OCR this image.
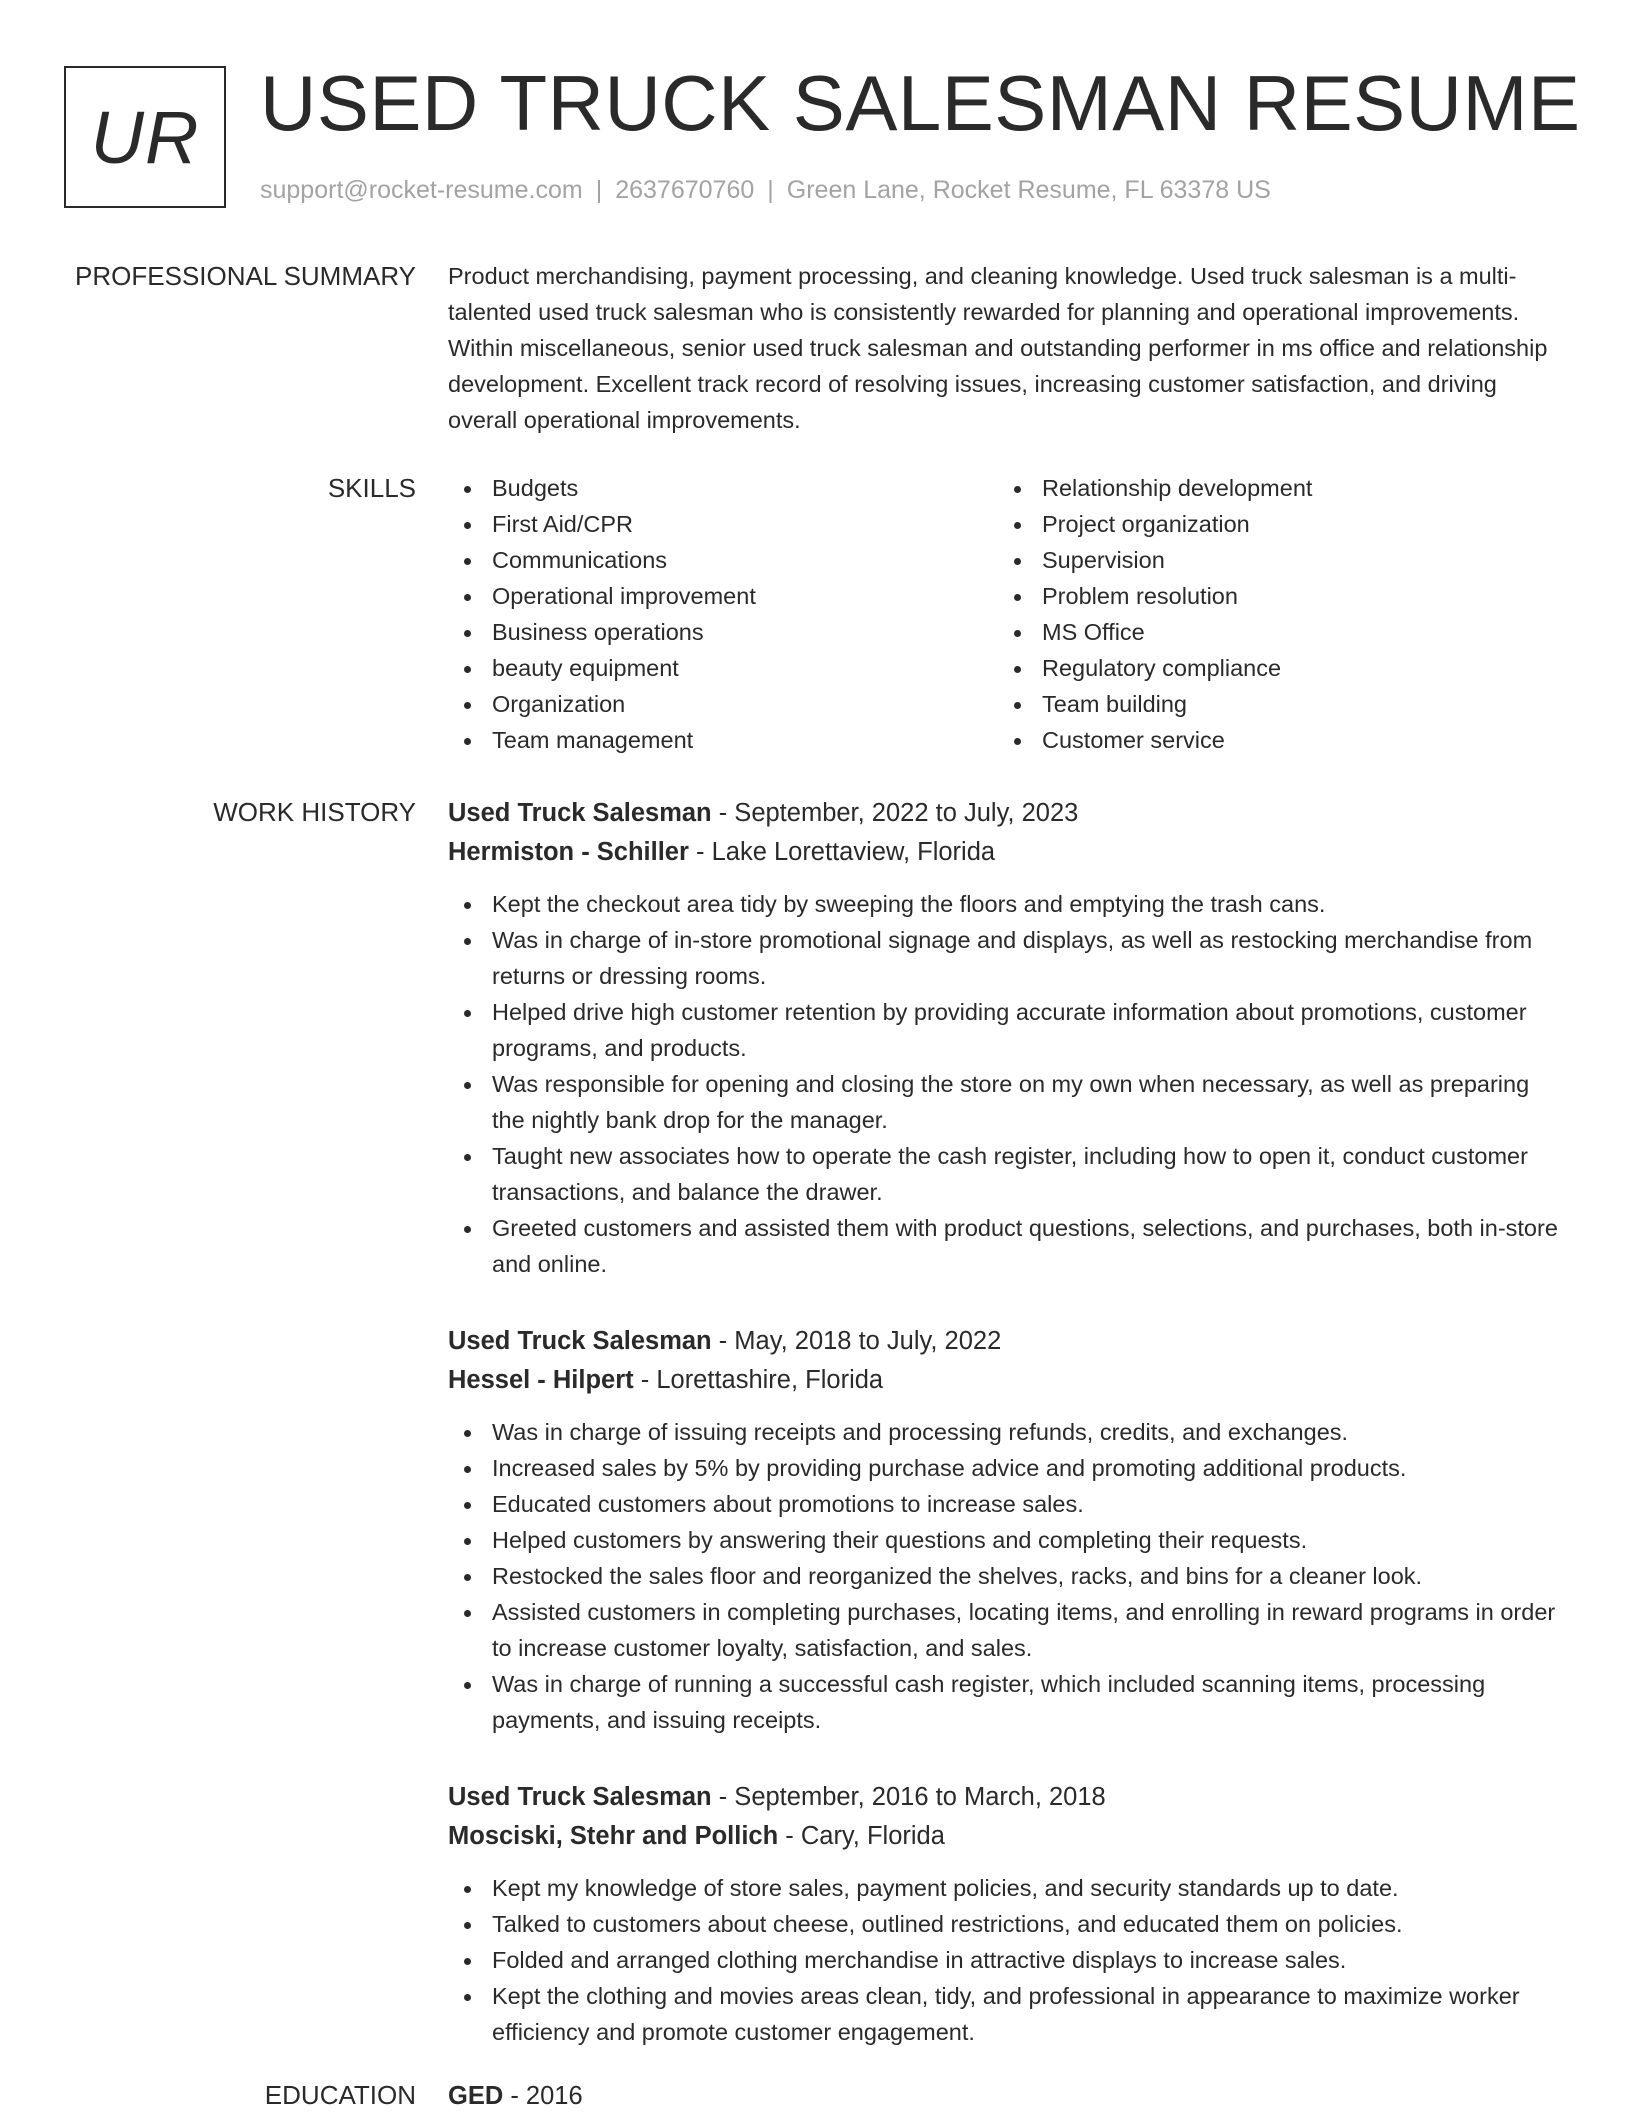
UR USED TRUCK SALESMAN RESUME
support@rocket-resume.com | 2637670760 | Green Lane, Rocket Resume, FL 63378 US
PROFESSIONAL SUMMARY Product merchandising, payment processing, and cleaning knowledge. Used truck salesman is a multi-talented used truck salesman who is consistently rewarded for planning and operational improvements. Within miscellaneous, senior used truck salesman and outstanding performer in ms office and relationship development. Excellent track record of resolving issues, increasing customer satisfaction, and driving overall operational improvements.

SKILLS	Budgets
First Aid/CPR
Communications
Operational improvement
Business operations
beauty equipment
Organization
Team management
Relationship development
Project organization
Supervision
Problem resolution
MS Office
Regulatory compliance
Team building
Customer service
WORK HISTORY Used Truck Salesman - September, 2022 to July, 2023
Hermiston - Schiller - Lake Lorettaview, Florida
Kept the checkout area tidy by sweeping the floors and emptying the trash cans.
Was in charge of in-store promotional signage and displays, as well as restocking merchandise from returns or dressing rooms.
Helped drive high customer retention by providing accurate information about promotions, customer programs, and products.
Was responsible for opening and closing the store on my own when necessary, as well as preparing the nightly bank drop for the manager.
Taught new associates how to operate the cash register, including how to open it, conduct customer transactions, and balance the drawer.
Greeted customers and assisted them with product questions, selections, and purchases, both in-store and online.
Used Truck Salesman - May, 2018 to July, 2022
Hessel - Hilpert - Lorettashire, Florida
Was in charge of issuing receipts and processing refunds, credits, and exchanges.
Increased sales by 5% by providing purchase advice and promoting additional products.
Educated customers about promotions to increase sales.
Helped customers by answering their questions and completing their requests.
Restocked the sales floor and reorganized the shelves, racks, and bins for a cleaner look.
Assisted customers in completing purchases, locating items, and enrolling in reward programs in order to increase customer loyalty, satisfaction, and sales.
Was in charge of running a successful cash register, which included scanning items, processing payments, and issuing receipts.
Used Truck Salesman - September, 2016 to March, 2018
Mosciski, Stehr and Pollich - Cary, Florida
Kept my knowledge of store sales, payment policies, and security standards up to date.
Talked to customers about cheese, outlined restrictions, and educated them on policies.
Folded and arranged clothing merchandise in attractive displays to increase sales.
Kept the clothing and movies areas clean, tidy, and professional in appearance to maximize worker efficiency and promote customer engagement.
EDUCATION GED - 2016
